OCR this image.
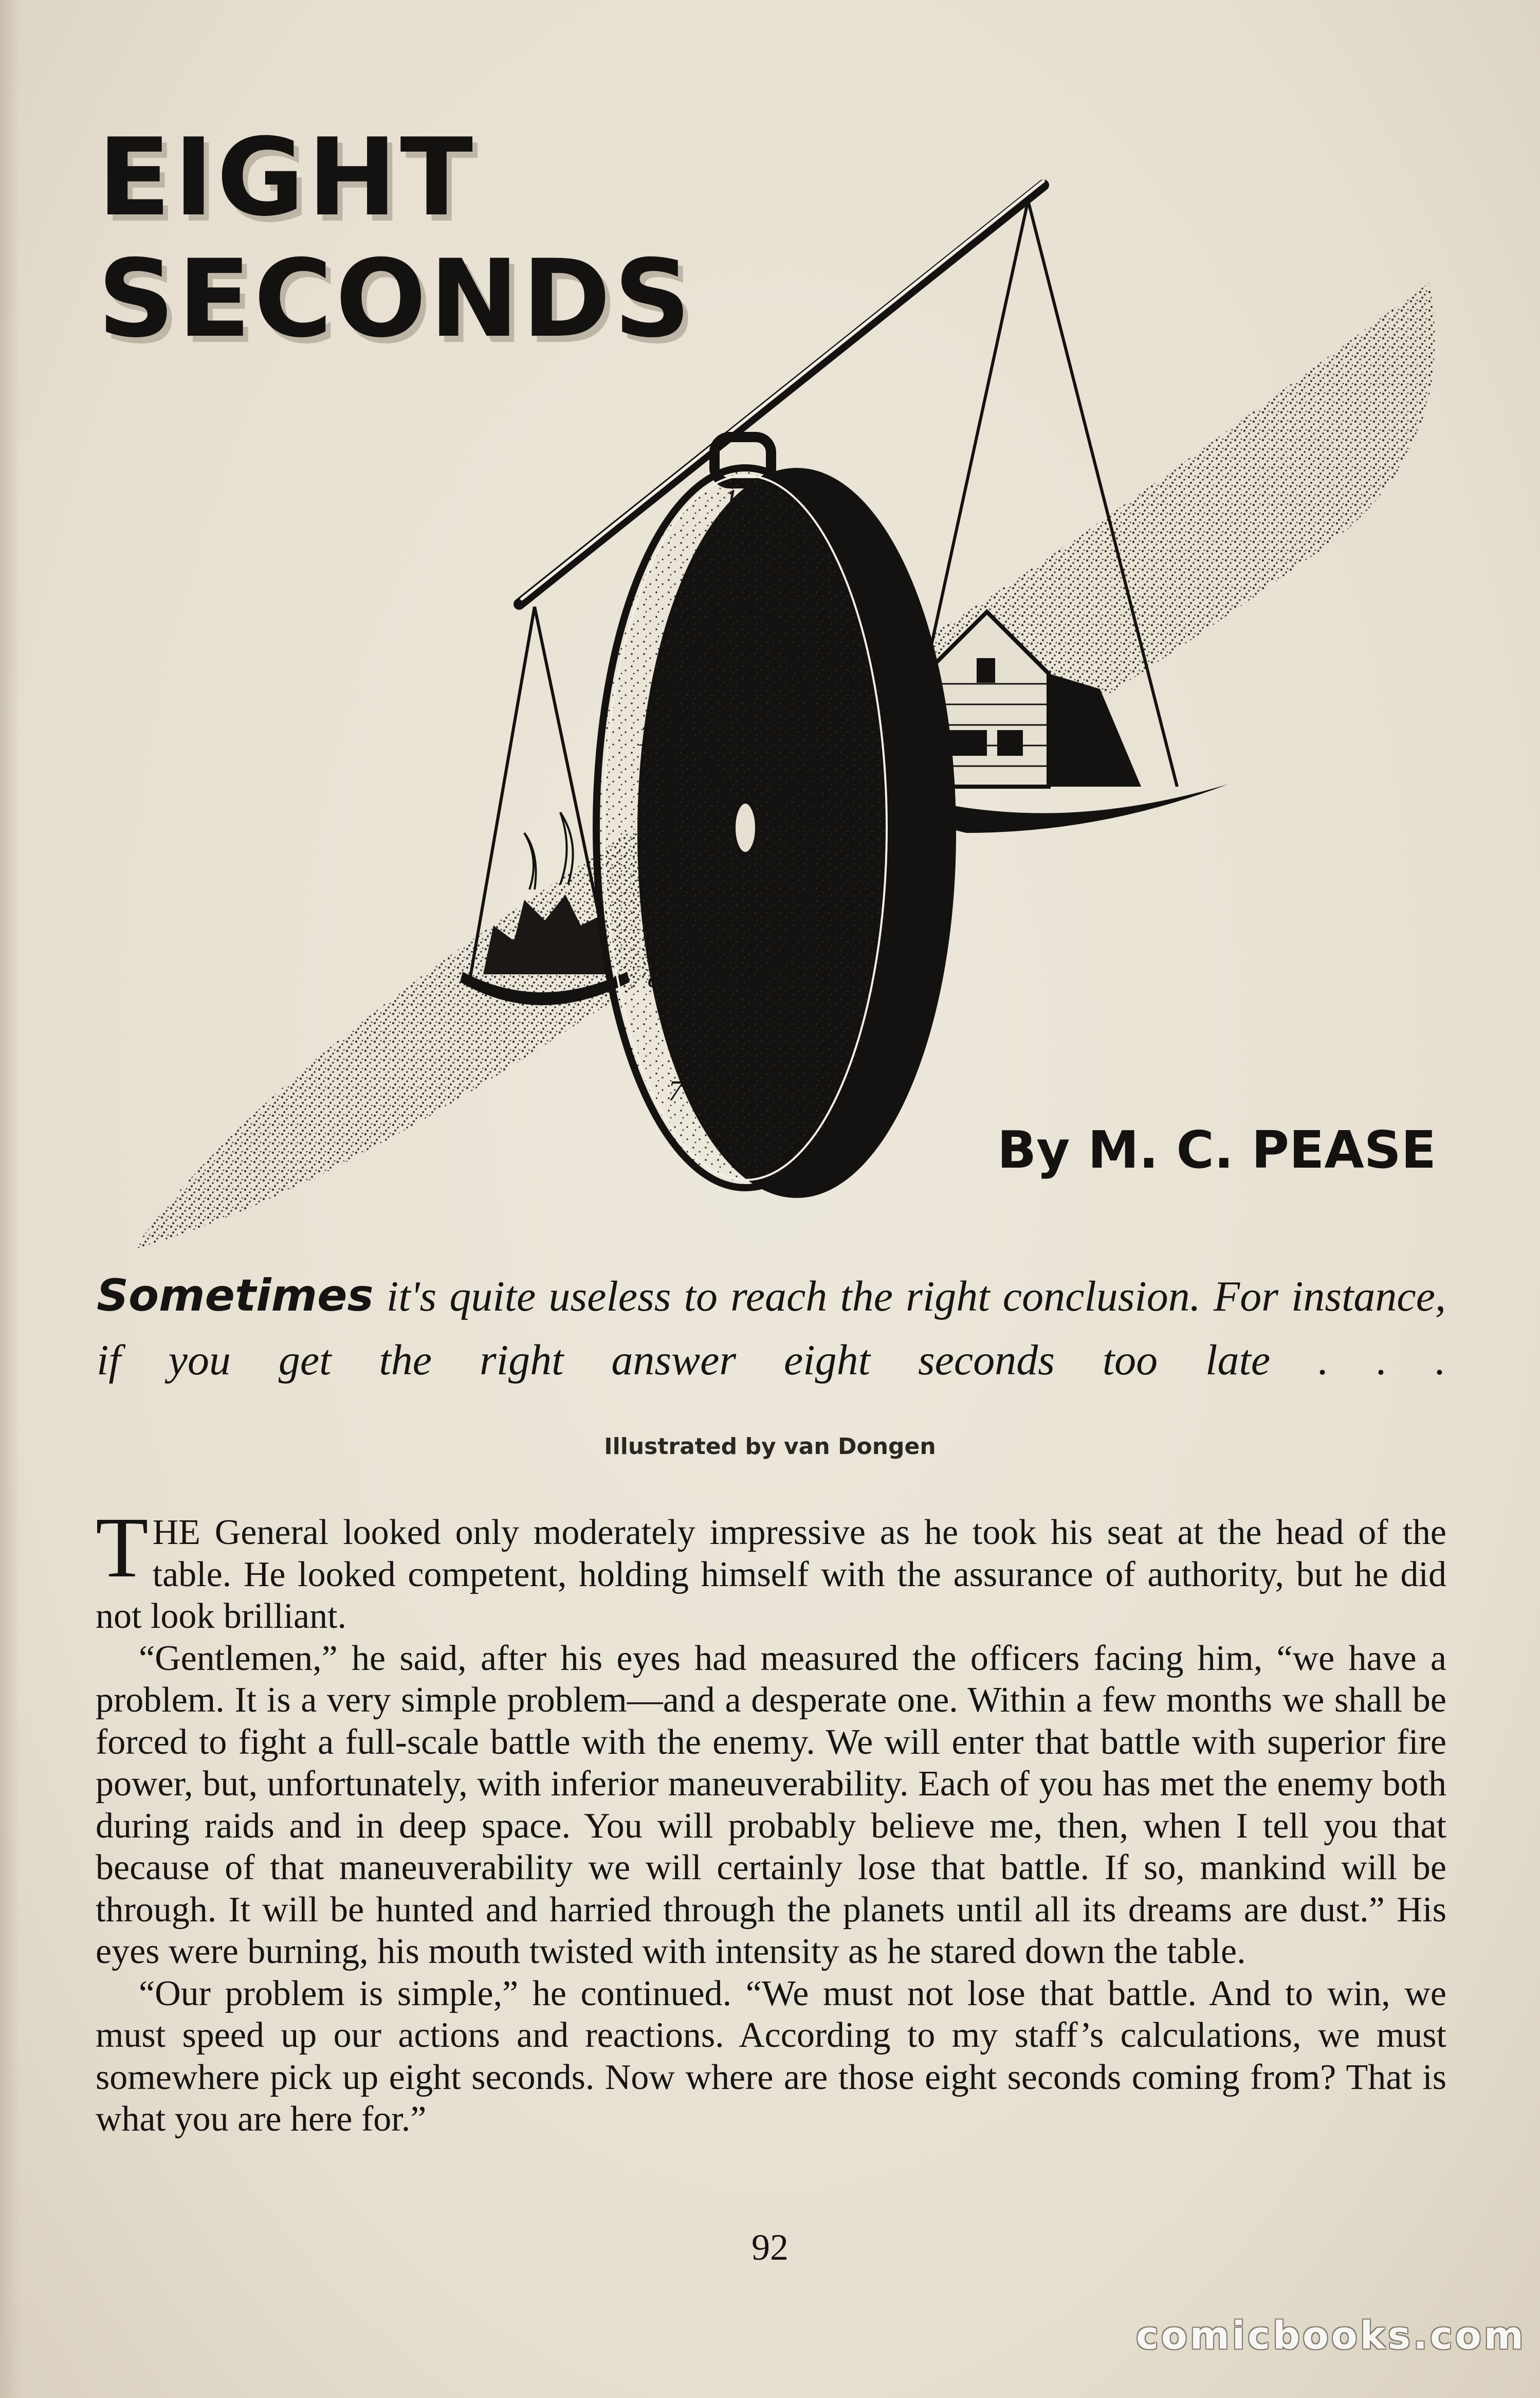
EIGHT
SECONDS
12
1
2
3
4
5
6
7
8
9
10
11
By M. C. PEASE
Sometimes it's quite useless to reach the right conclusion. For instance, if you get the right answer eight seconds too late . . .
Illustrated by van Dongen

THE General looked only moderately impressive as he took his seat at the head of the table. He looked competent, holding himself with the assurance of authority, but he did not look brilliant.

“Gentlemen,” he said, after his eyes had measured the officers facing him, “we have a problem. It is a very simple problem—and a desperate one. Within a few months we shall be forced to fight a full-scale battle with the enemy. We will enter that battle with superior fire power, but, unfortunately, with inferior maneuverability. Each of you has met the enemy both during raids and in deep space. You will probably believe me, then, when I tell you that because of that maneuverability we will certainly lose that battle. If so, mankind will be through. It will be hunted and harried through the planets until all its dreams are dust.” His eyes were burning, his mouth twisted with intensity as he stared down the table.

“Our problem is simple,” he continued. “We must not lose that battle. And to win, we must speed up our actions and reactions. According to my staff’s calculations, we must somewhere pick up eight seconds. Now where are those eight seconds coming from? That is what you are here for.”

92
comicbooks.com
